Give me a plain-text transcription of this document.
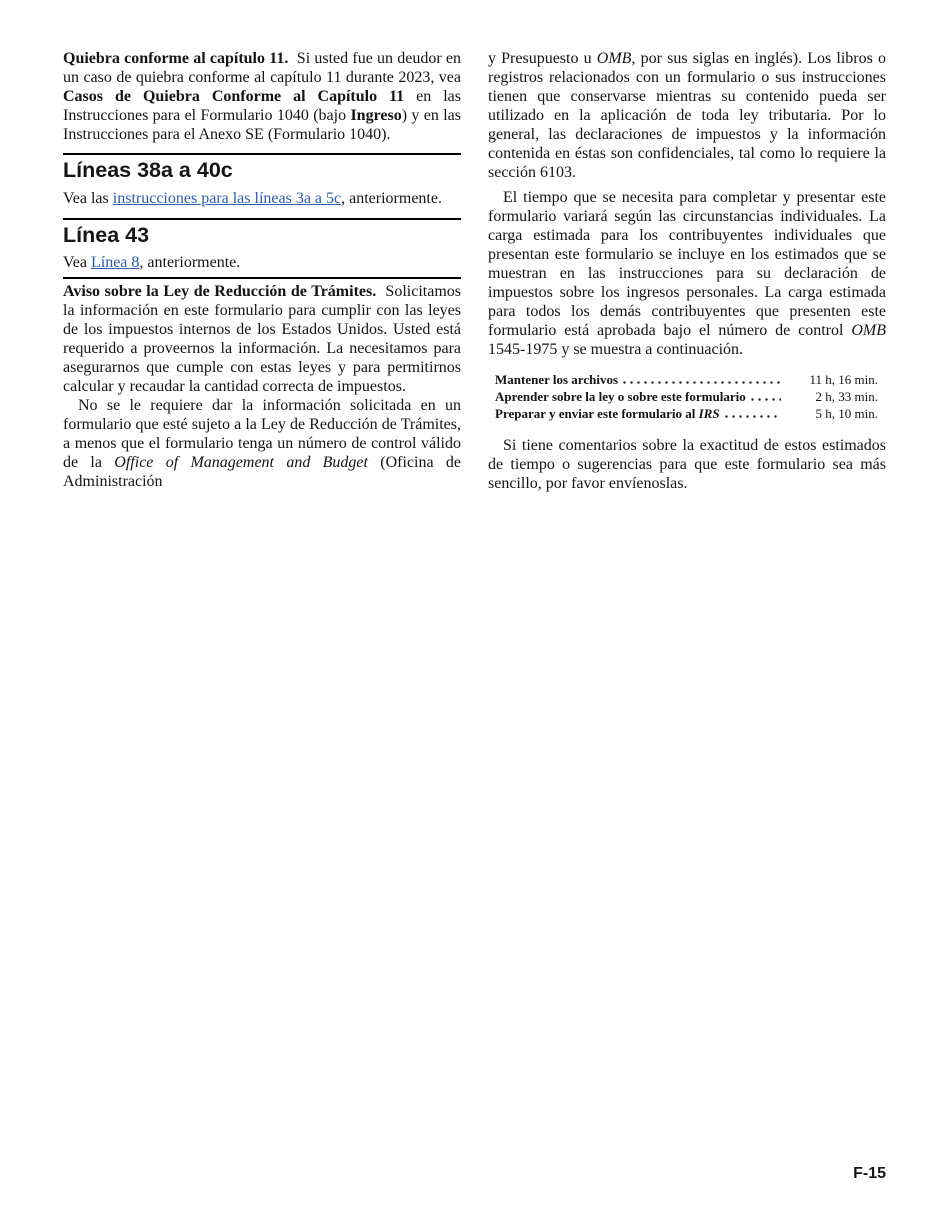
Quiebra conforme al capítulo 11.  Si usted fue un deudor en un caso de quiebra conforme al capítulo 11 durante 2023, vea Casos de Quiebra Conforme al Capítulo 11 en las Instrucciones para el Formulario 1040 (bajo Ingreso) y en las Instrucciones para el Anexo SE (Formulario 1040).

Líneas 38a a 40c

Vea las instrucciones para las líneas 3a a 5c, anteriormente.

Línea 43

Vea Línea 8, anteriormente.

Aviso sobre la Ley de Reducción de Trámites.  Solicitamos la información en este formulario para cumplir con las leyes de los impuestos internos de los Estados Unidos. Usted está requerido a proveernos la información. La necesitamos para asegurarnos que cumple con estas leyes y para permitirnos calcular y recaudar la cantidad correcta de impuestos.

No se le requiere dar la información solicitada en un formulario que esté sujeto a la Ley de Reducción de Trámites, a menos que el formulario tenga un número de control válido de la Office of Management and Budget (Oficina de Administración

y Presupuesto u OMB, por sus siglas en inglés). Los libros o registros relacionados con un formulario o sus instrucciones tienen que conservarse mientras su contenido pueda ser utilizado en la aplicación de toda ley tributaria. Por lo general, las declaraciones de impuestos y la información contenida en éstas son confidenciales, tal como lo requiere la sección 6103.

El tiempo que se necesita para completar y presentar este formulario variará según las circunstancias individuales. La carga estimada para los contribuyentes individuales que presentan este formulario se incluye en los estimados que se muestran en las instrucciones para su declaración de impuestos sobre los ingresos personales. La carga estimada para todos los demás contribuyentes que presenten este formulario está aprobada bajo el número de control OMB 1545-1975 y se muestra a continuación.

Mantener los archivos	11 h, 16 min.
Aprender sobre la ley o sobre este formulario	2 h, 33 min.
Preparar y enviar este formulario al IRS	5 h, 10 min.

Si tiene comentarios sobre la exactitud de estos estimados de tiempo o sugerencias para que este formulario sea más sencillo, por favor envíenoslas.

F-15
